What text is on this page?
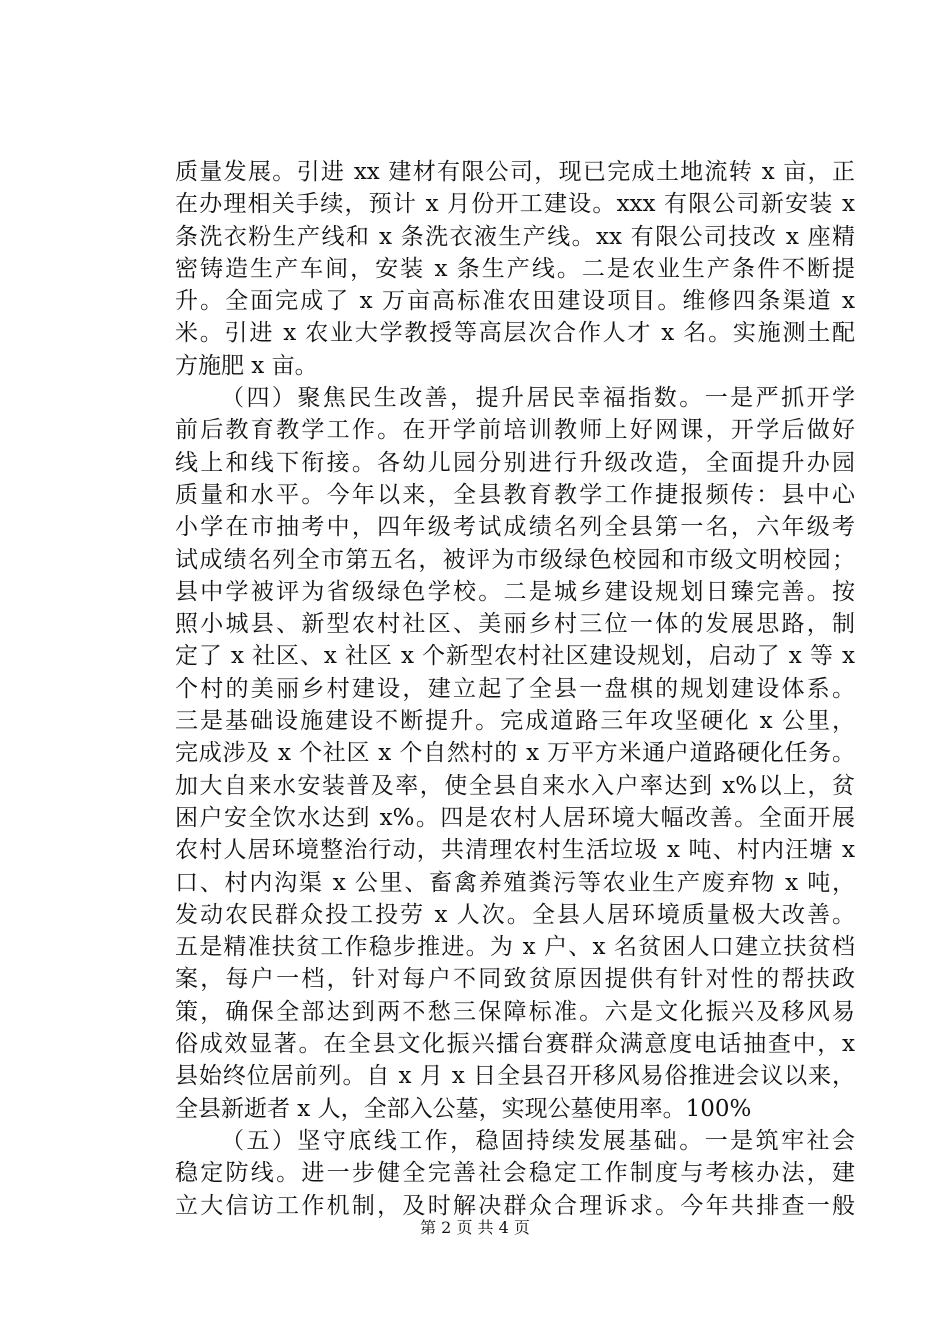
质量发展。引进 xx 建材有限公司，现已完成土地流转 x 亩，正
在办理相关手续，预计 x 月份开工建设。xxx 有限公司新安装 x
条洗衣粉生产线和 x 条洗衣液生产线。xx 有限公司技改 x 座精
密铸造生产车间，安装 x 条生产线。二是农业生产条件不断提
升。全面完成了 x 万亩高标准农田建设项目。维修四条渠道 x
米。引进 x 农业大学教授等高层次合作人才 x 名。实施测土配
方施肥 x 亩。
（四）聚焦民生改善，提升居民幸福指数。一是严抓开学
前后教育教学工作。在开学前培训教师上好网课，开学后做好
线上和线下衔接。各幼儿园分别进行升级改造，全面提升办园
质量和水平。今年以来，全县教育教学工作捷报频传：县中心
小学在市抽考中，四年级考试成绩名列全县第一名，六年级考
试成绩名列全市第五名，被评为市级绿色校园和市级文明校园；
县中学被评为省级绿色学校。二是城乡建设规划日臻完善。按
照小城县、新型农村社区、美丽乡村三位一体的发展思路，制
定了 x 社区、x 社区 x 个新型农村社区建设规划，启动了 x 等 x
个村的美丽乡村建设，建立起了全县一盘棋的规划建设体系。
三是基础设施建设不断提升。完成道路三年攻坚硬化 x 公里，
完成涉及 x 个社区 x 个自然村的 x 万平方米通户道路硬化任务。
加大自来水安装普及率，使全县自来水入户率达到 x%以上，贫
困户安全饮水达到 x%。四是农村人居环境大幅改善。全面开展
农村人居环境整治行动，共清理农村生活垃圾 x 吨、村内汪塘 x
口、村内沟渠 x 公里、畜禽养殖粪污等农业生产废弃物 x 吨，
发动农民群众投工投劳 x 人次。全县人居环境质量极大改善。
五是精准扶贫工作稳步推进。为 x 户、x 名贫困人口建立扶贫档
案，每户一档，针对每户不同致贫原因提供有针对性的帮扶政
策，确保全部达到两不愁三保障标准。六是文化振兴及移风易
俗成效显著。在全县文化振兴擂台赛群众满意度电话抽查中，x
县始终位居前列。自 x 月 x 日全县召开移风易俗推进会议以来，
全县新逝者 x 人，全部入公墓，实现公墓使用率。100%
（五）坚守底线工作，稳固持续发展基础。一是筑牢社会
稳定防线。进一步健全完善社会稳定工作制度与考核办法，建
立大信访工作机制，及时解决群众合理诉求。今年共排查一般
第 2 页 共 4 页
